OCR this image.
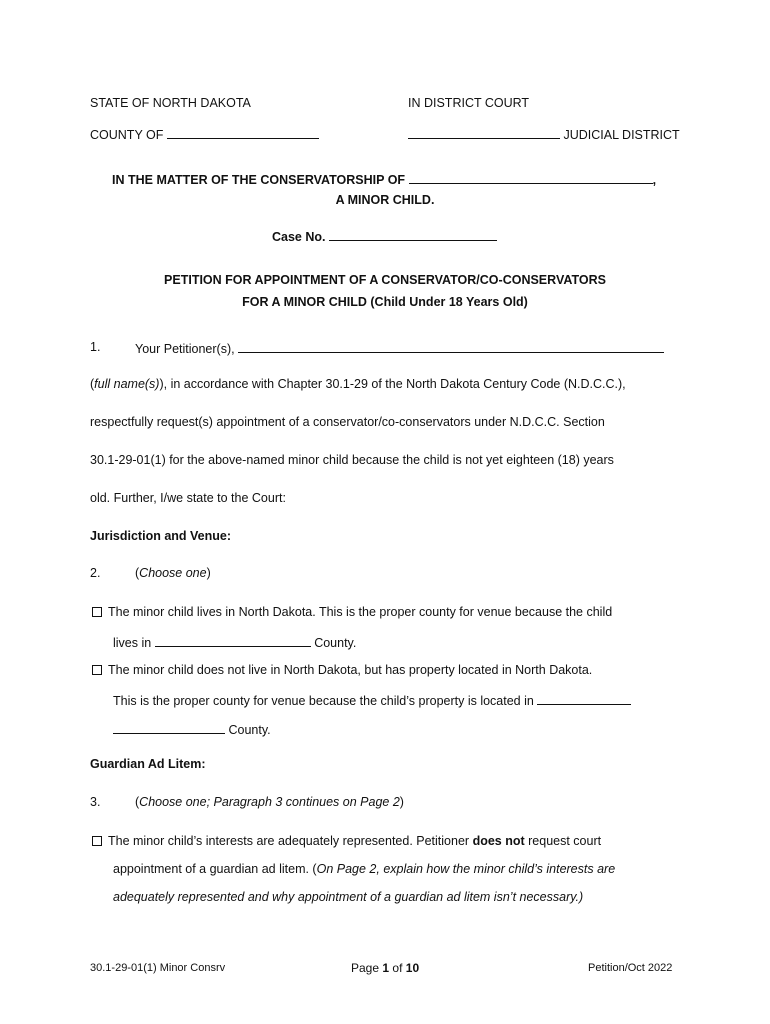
STATE OF NORTH DAKOTA	IN DISTRICT COURT
COUNTY OF	JUDICIAL DISTRICT
IN THE MATTER OF THE CONSERVATORSHIP OF	,
A MINOR CHILD.
Case No.
PETITION FOR APPOINTMENT OF A CONSERVATOR/CO-CONSERVATORS
FOR A MINOR CHILD (Child Under 18 Years Old)
1.	Your Petitioner(s),
(full name(s)), in accordance with Chapter 30.1-29 of the North Dakota Century Code (N.D.C.C.),
respectfully request(s) appointment of a conservator/co-conservators under N.D.C.C. Section
30.1-29-01(1) for the above-named minor child because the child is not yet eighteen (18) years
old. Further, I/we state to the Court:
Jurisdiction and Venue:
2.	(Choose one)
The minor child lives in North Dakota. This is the proper county for venue because the child
lives in	County.
The minor child does not live in North Dakota, but has property located in North Dakota.
This is the proper county for venue because the child’s property is located in
County.
Guardian Ad Litem:
3.	(Choose one; Paragraph 3 continues on Page 2)
The minor child’s interests are adequately represented. Petitioner does not request court
appointment of a guardian ad litem. (On Page 2, explain how the minor child’s interests are
adequately represented and why appointment of a guardian ad litem isn’t necessary.)
30.1-29-01(1) Minor Consrv	Page 1 of 10	Petition/Oct 2022
